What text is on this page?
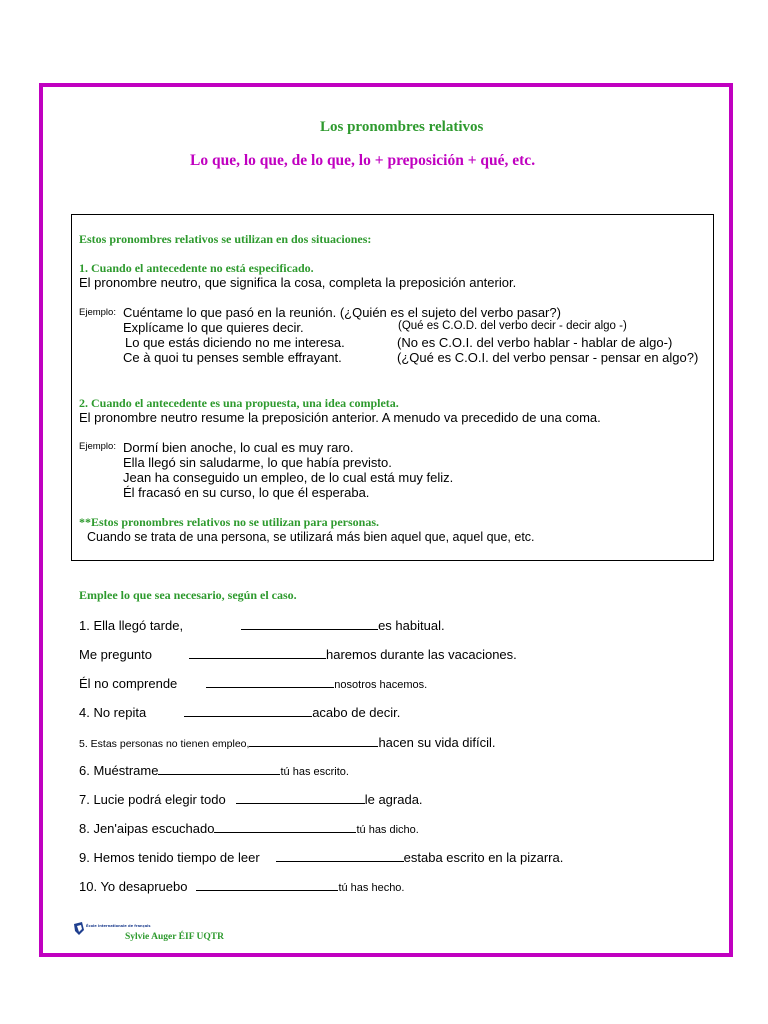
Los pronombres relativos
Lo que, lo que, de lo que, lo + preposición + qué, etc.
Estos pronombres relativos se utilizan en dos situaciones:
1. Cuando el antecedente no está especificado.
El pronombre neutro, que significa la cosa, completa la preposición anterior.
Ejemplo: Cuéntame lo que pasó en la reunión. (¿Quién es el sujeto del verbo pasar?)
Explícame lo que quieres decir.	(Qué es C.O.D. del verbo decir - decir algo -)
Lo que estás diciendo no me interesa.	(No es C.O.I. del verbo hablar - hablar de algo-)
Ce à quoi tu penses semble effrayant.	(¿Qué es C.O.I. del verbo pensar - pensar en algo?)
2. Cuando el antecedente es una propuesta, una idea completa.
El pronombre neutro resume la preposición anterior. A menudo va precedido de una coma.
Ejemplo: Dormí bien anoche, lo cual es muy raro.
Ella llegó sin saludarme, lo que había previsto.
Jean ha conseguido un empleo, de lo cual está muy feliz.
Él fracasó en su curso, lo que él esperaba.
**Estos pronombres relativos no se utilizan para personas.
Cuando se trata de una persona, se utilizará más bien aquel que, aquel que, etc.
Emplee lo que sea necesario, según el caso.
1. Ella llegó tarde,	es habitual.
Me pregunto	haremos durante las vacaciones.
Él no comprende	nosotros hacemos.
4. No repita	acabo de decir.
5. Estas personas no tienen empleo,	hacen su vida difícil.
6. Muéstrame	tú has escrito.
7. Lucie podrá elegir todo	le agrada.
8. Jen'aipas escuchado	tú has dicho.
9. Hemos tenido tiempo de leer	estaba escrito en la pizarra.
10. Yo desapruebo	tú has hecho.
École internationale de français
Sylvie Auger ÉIF UQTR
